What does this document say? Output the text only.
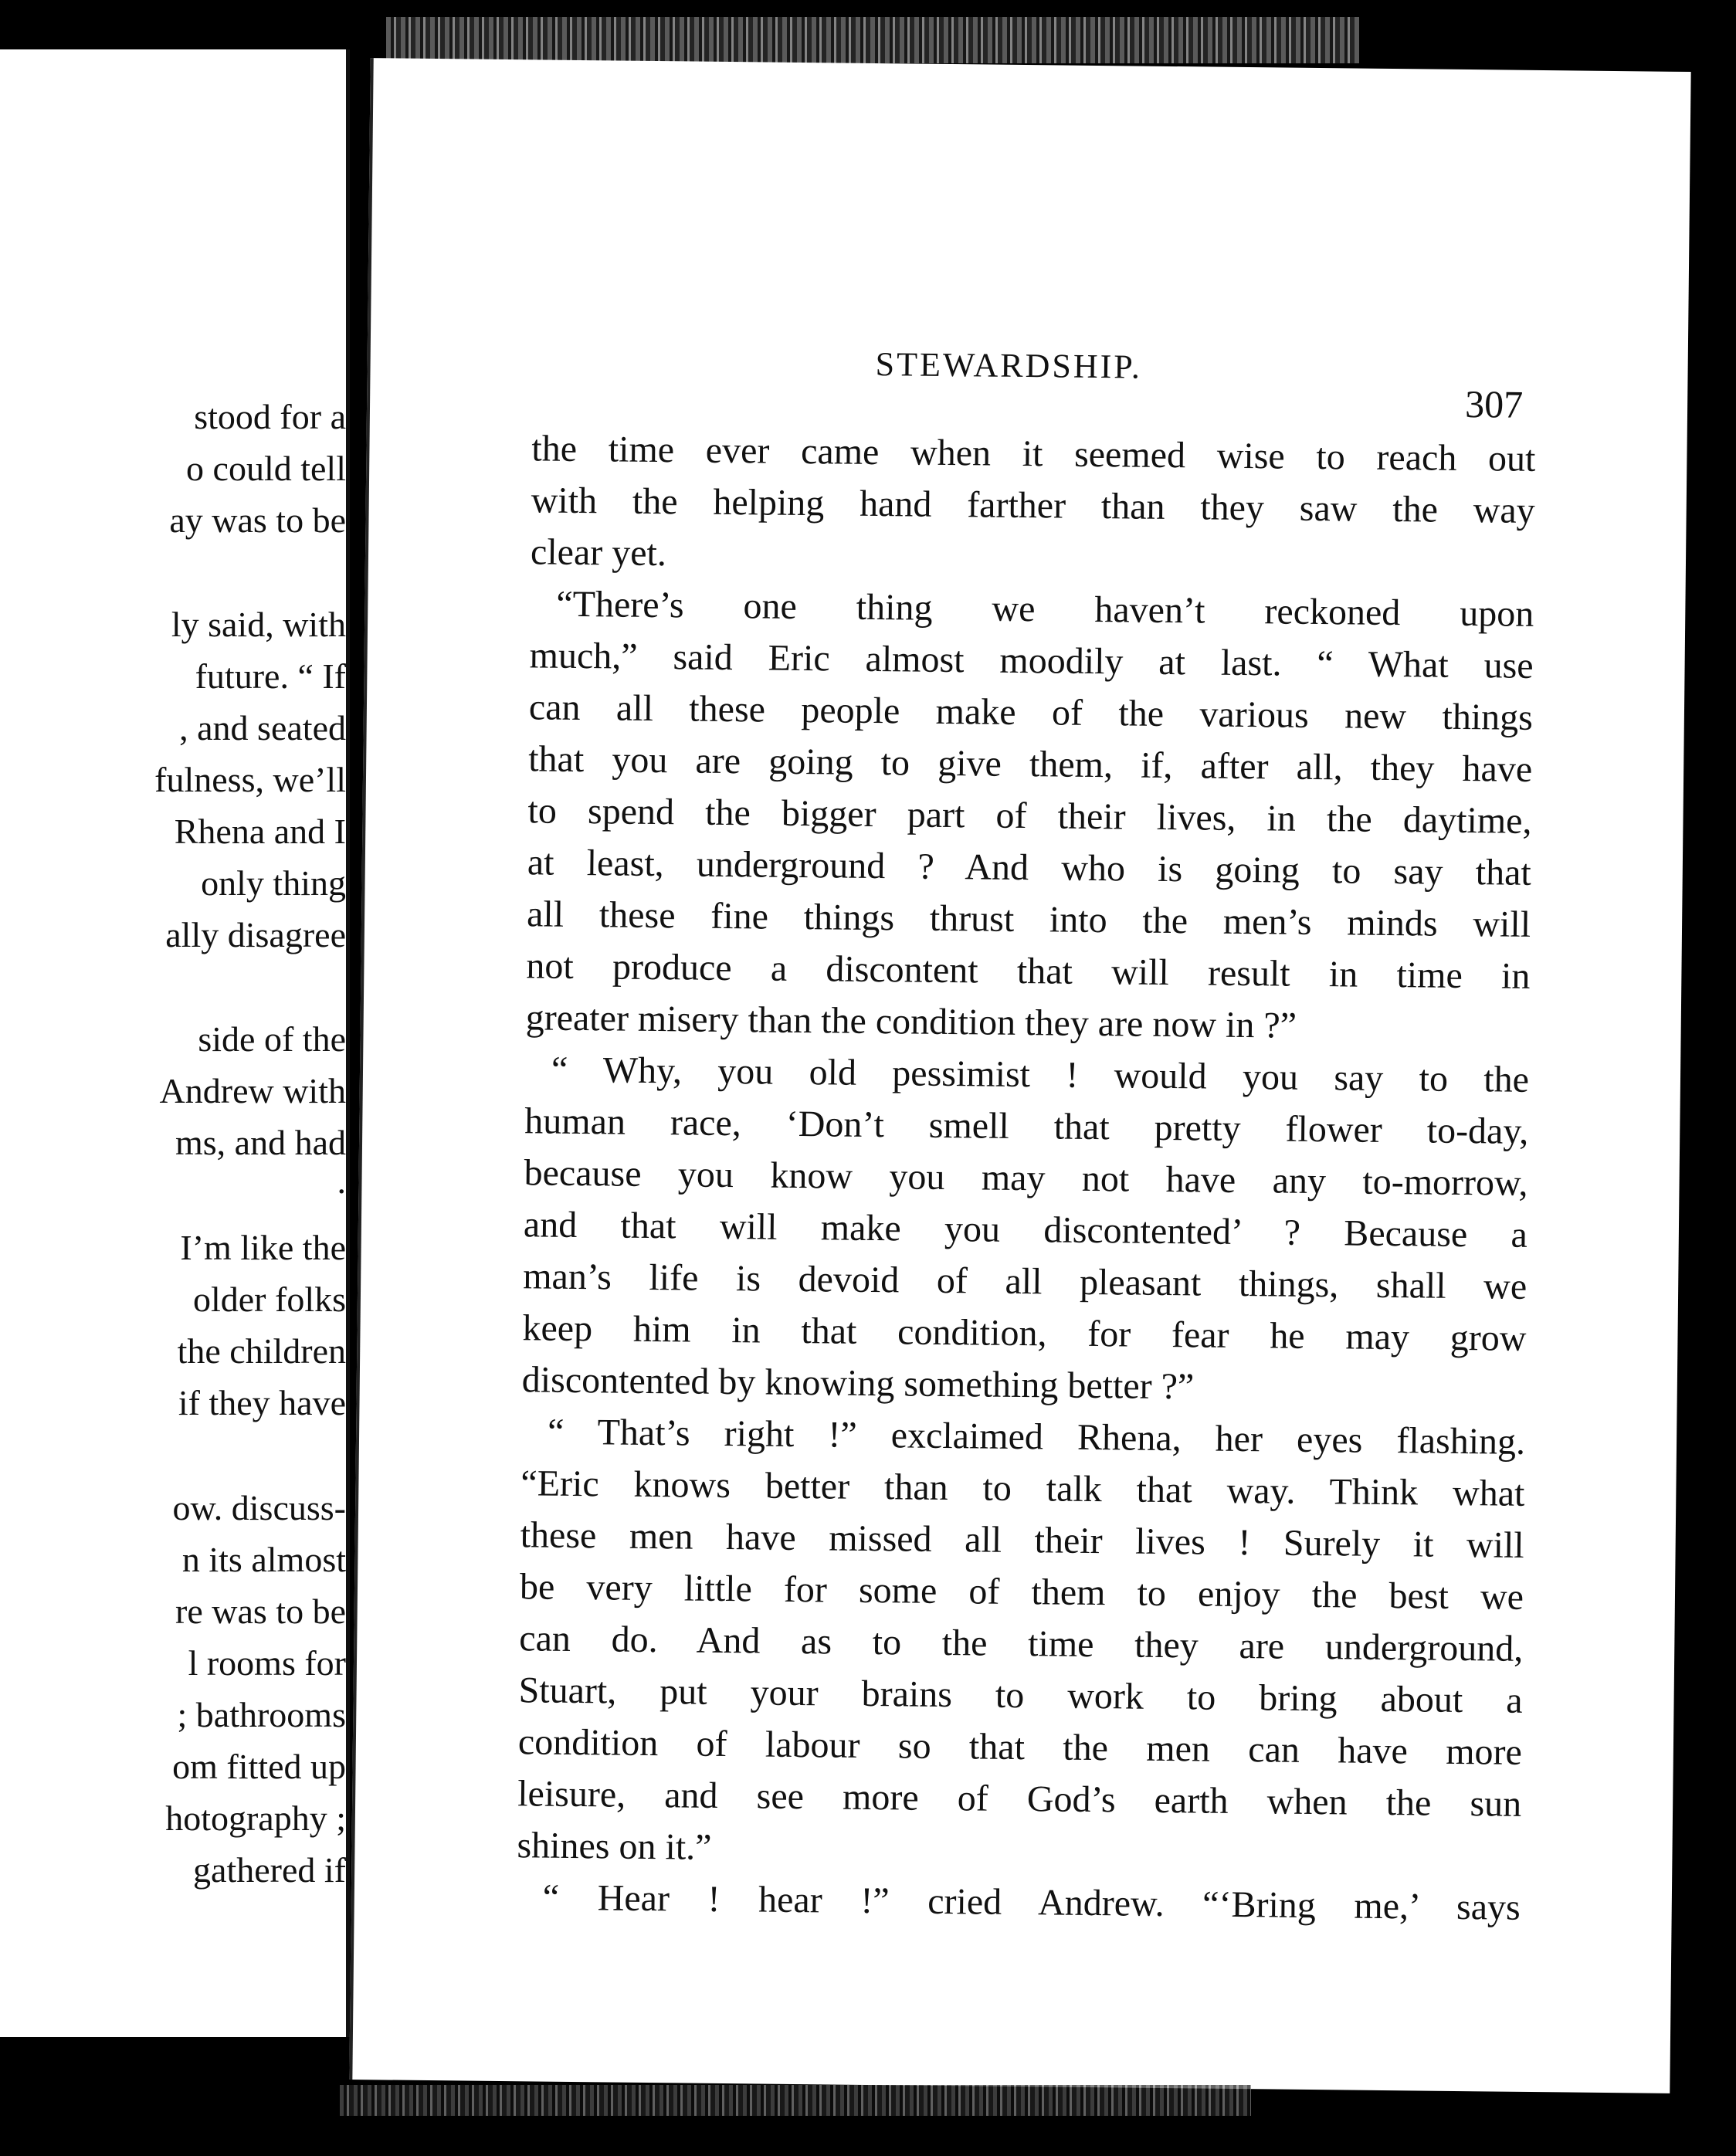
stood for a
o could tell
ay was to be
ly said, with
future. “ If
, and seated
fulness, we’ll
Rhena and I
only thing
ally disagree
side of the
Andrew with
ms, and had
.
I’m like the
older folks
the children
if they have
ow. discuss-
n its almost
re was to be
l rooms for
; bathrooms
om fitted up
hotography ;
gathered if
STEWARDSHIP.
307
the time ever came when it seemed wise to reach out
with the helping hand farther than they saw the way
clear yet.
“There’s one thing we haven’t reckoned upon
much,” said Eric almost moodily at last. “ What use
can all these people make of the various new things
that you are going to give them, if, after all, they have
to spend the bigger part of their lives, in the daytime,
at least, underground ? And who is going to say that
all these fine things thrust into the men’s minds will
not produce a discontent that will result in time in
greater misery than the condition they are now in ?”
“ Why, you old pessimist ! would you say to the
human race, ‘Don’t smell that pretty flower to-day,
because you know you may not have any to-morrow,
and that will make you discontented’ ? Because a
man’s life is devoid of all pleasant things, shall we
keep him in that condition, for fear he may grow
discontented by knowing something better ?”
“ That’s right !” exclaimed Rhena, her eyes flashing.
“Eric knows better than to talk that way. Think what
these men have missed all their lives ! Surely it will
be very little for some of them to enjoy the best we
can do. And as to the time they are underground,
Stuart, put your brains to work to bring about a
condition of labour so that the men can have more
leisure, and see more of God’s earth when the sun
shines on it.”
“ Hear ! hear !” cried Andrew. “‘Bring me,’ says
